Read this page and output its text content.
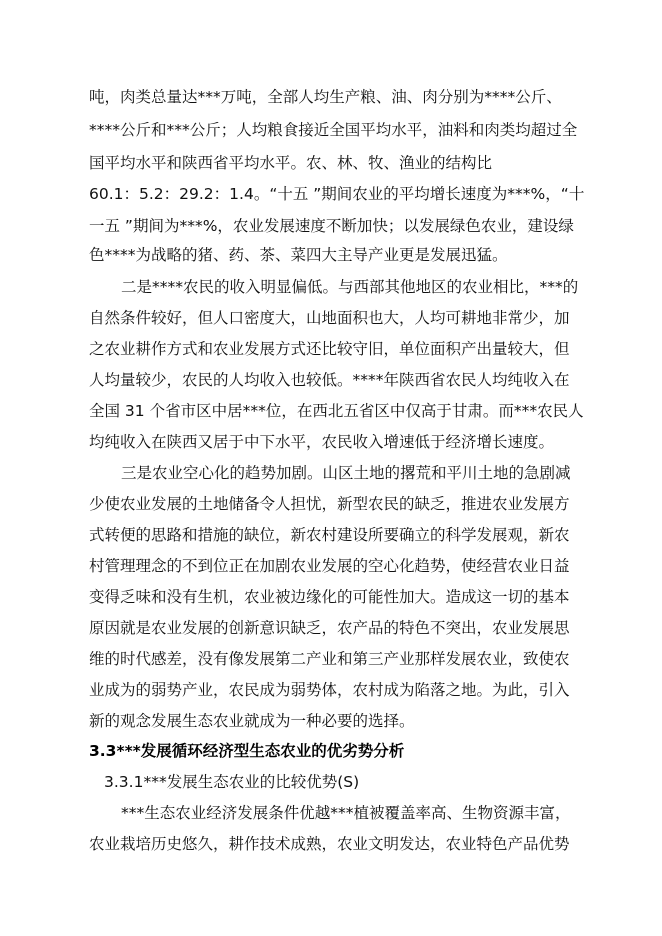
吨，肉类总量达***万吨，全部人均生产粮、油、肉分别为****公斤、
****公斤和***公斤；人均粮食接近全国平均水平，油料和肉类均超过全
国平均水平和陕西省平均水平。农、林、牧、渔业的结构比
60.1：5.2：29.2：1.4。“十五 ”期间农业的平均增长速度为***%，“十
一五 ”期间为***%，农业发展速度不断加快；以发展绿色农业，建设绿
色****为战略的猪、药、茶、菜四大主导产业更是发展迅猛。
二是****农民的收入明显偏低。与西部其他地区的农业相比，***的
自然条件较好，但人口密度大，山地面积也大，人均可耕地非常少，加
之农业耕作方式和农业发展方式还比较守旧，单位面积产出量较大，但
人均量较少，农民的人均收入也较低。****年陕西省农民人均纯收入在
全国 31 个省市区中居***位，在西北五省区中仅高于甘肃。而***农民人
均纯收入在陕西又居于中下水平，农民收入增速低于经济增长速度。
三是农业空心化的趋势加剧。山区土地的撂荒和平川土地的急剧减
少使农业发展的土地储备令人担忧，新型农民的缺乏，推进农业发展方
式转便的思路和措施的缺位，新农村建设所要确立的科学发展观，新农
村管理理念的不到位正在加剧农业发展的空心化趋势，使经营农业日益
变得乏味和没有生机，农业被边缘化的可能性加大。造成这一切的基本
原因就是农业发展的创新意识缺乏，农产品的特色不突出，农业发展思
维的时代感差，没有像发展第二产业和第三产业那样发展农业，致使农
业成为的弱势产业，农民成为弱势体，农村成为陷落之地。为此，引入
新的观念发展生态农业就成为一种必要的选择。
3.3***发展循环经济型生态农业的优劣势分析
3.3.1***发展生态农业的比较优势(S)
***生态农业经济发展条件优越***植被覆盖率高、生物资源丰富，
农业栽培历史悠久，耕作技术成熟，农业文明发达，农业特色产品优势
